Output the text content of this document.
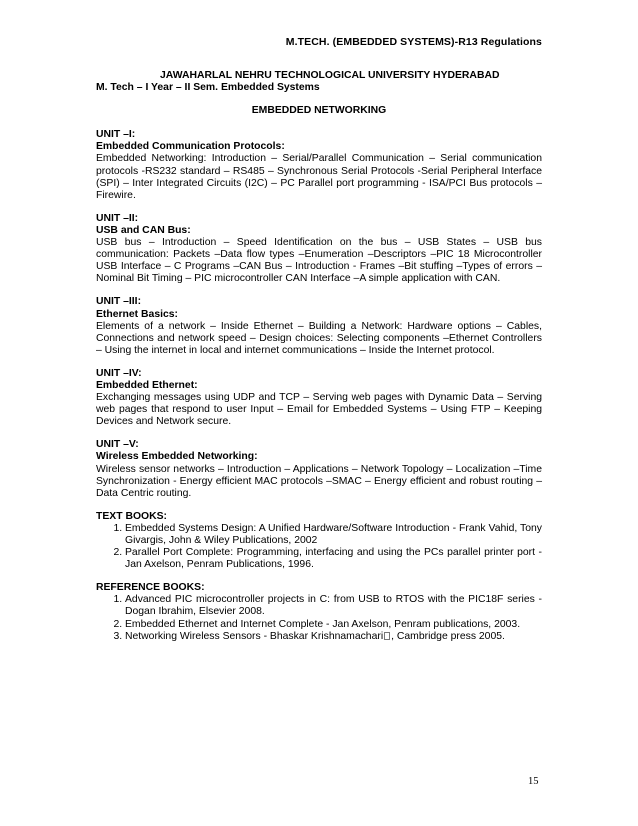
M.TECH. (EMBEDDED SYSTEMS)-R13 Regulations
JAWAHARLAL NEHRU TECHNOLOGICAL UNIVERSITY HYDERABAD
M. Tech – I Year – II Sem. Embedded Systems
EMBEDDED NETWORKING
UNIT –I:
Embedded Communication Protocols:
Embedded Networking: Introduction – Serial/Parallel Communication – Serial communication protocols -RS232 standard – RS485 – Synchronous Serial Protocols -Serial Peripheral Interface (SPI) – Inter Integrated Circuits (I2C) – PC Parallel port programming - ISA/PCI Bus protocols – Firewire.
UNIT –II:
USB and CAN Bus:
USB bus – Introduction – Speed Identification on the bus – USB States – USB bus communication: Packets –Data flow types –Enumeration –Descriptors –PIC 18 Microcontroller USB Interface – C Programs –CAN Bus – Introduction - Frames –Bit stuffing –Types of errors –Nominal Bit Timing – PIC microcontroller CAN Interface –A simple application with CAN.
UNIT –III:
Ethernet Basics:
Elements of a network – Inside Ethernet – Building a Network: Hardware options – Cables, Connections and network speed – Design choices: Selecting components –Ethernet Controllers – Using the internet in local and internet communications – Inside the Internet protocol.
UNIT –IV:
Embedded Ethernet:
Exchanging messages using UDP and TCP – Serving web pages with Dynamic Data – Serving web pages that respond to user Input – Email for Embedded Systems – Using FTP – Keeping Devices and Network secure.
UNIT –V:
Wireless Embedded Networking:
Wireless sensor networks – Introduction – Applications – Network Topology – Localization –Time Synchronization - Energy efficient MAC protocols –SMAC – Energy efficient and robust routing – Data Centric routing.
TEXT BOOKS:
1. Embedded Systems Design: A Unified Hardware/Software Introduction - Frank Vahid, Tony Givargis, John & Wiley Publications, 2002
2. Parallel Port Complete: Programming, interfacing and using the PCs parallel printer port - Jan Axelson, Penram Publications, 1996.
REFERENCE BOOKS:
1. Advanced PIC microcontroller projects in C: from USB to RTOS with the PIC18F series - Dogan Ibrahim, Elsevier 2008.
2. Embedded Ethernet and Internet Complete - Jan Axelson, Penram publications, 2003.
3. Networking Wireless Sensors - Bhaskar Krishnamachari , Cambridge press 2005.
15
